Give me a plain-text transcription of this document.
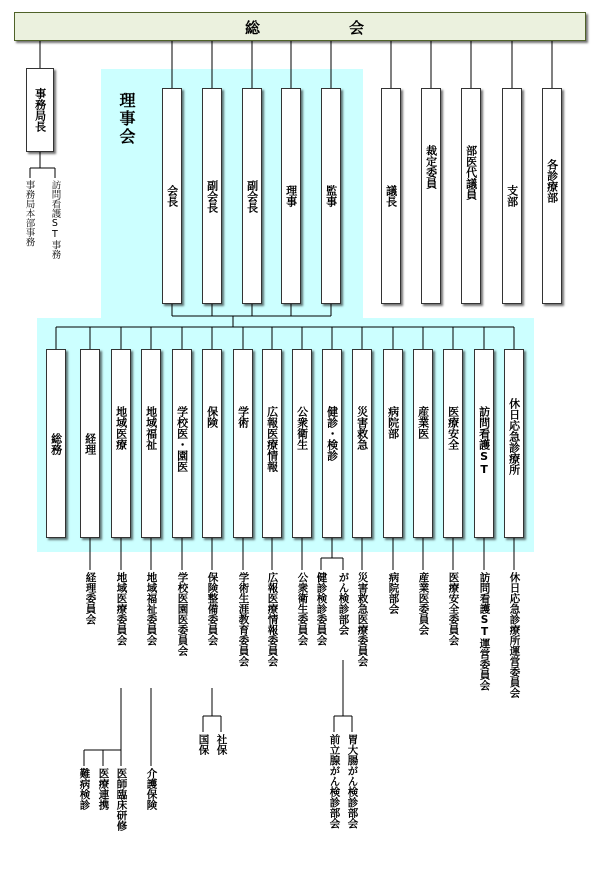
総	会
事務局長
事務局本部事務 訪問看護ST事務
理事会
会長 副会長 副会長 理事 監事	議長
裁定委員 部医代議員	支部 各診療部
総務 経理 地域医療 地域福祉 学校医・園医 保険 学術 広報医療情報 公衆衛生 健診・検診 災害救急 病院部 産業医 医療安全 訪問看護ST 休日応急診療所
経理委員会 地域医療委員会 地域福祉委員会 学校医園医委員会 保険整備委員会 学術生涯教育委員会 広報医療情報委員会 公衆衛生委員会 健診検診委員会 がん検診部会 災害救急医療委員会 病院部会 産業医委員会 医療安全委員会 訪問看護ST運営委員会 休日応急診療所運営委員会
難病検診 医療連携 医師臨床研修 介護保険
国保 社保	前立腺がん検診部会 胃大腸がん検診部会
